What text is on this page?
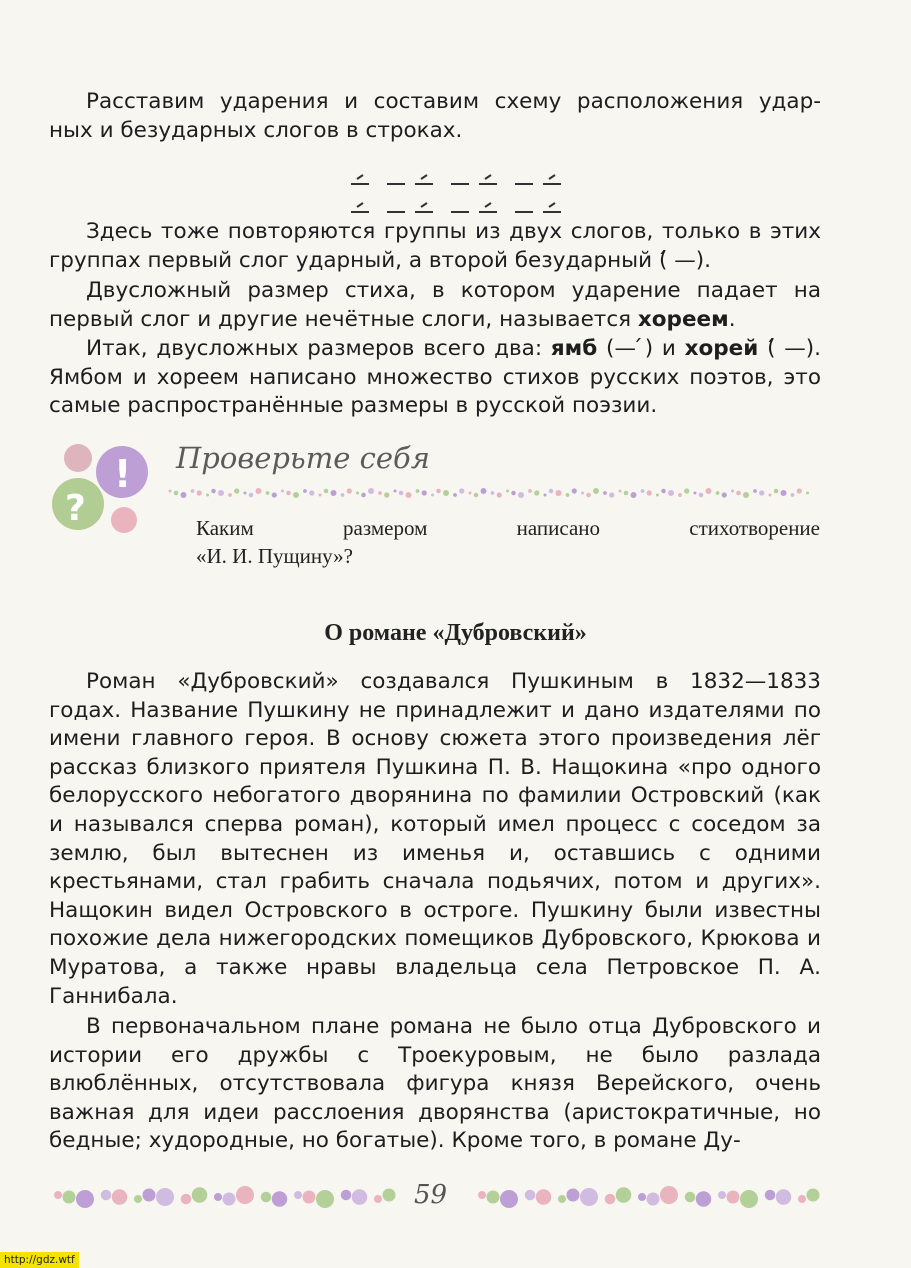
Расставим ударения и составим схему расположения удар-
ных и безударных слогов в строках.

Здесь тоже повторяются группы из двух слогов, только в этих группах первый слог ударный, а второй безударный (́ —).

Двусложный размер стиха, в котором ударение падает на первый слог и другие нечётные слоги, называется хореем.

Итак, двусложных размеров всего два: ямб (— ́) и хорей (́ —). Ямбом и хореем написано множество стихов русских поэтов, это самые распространённые размеры в русской поэзии.

!
?
Проверьте себя

Каким размером написано стихотворение

«И. И. Пущину»?
О романе «Дубровский»

Роман «Дубровский» создавался Пушкиным в 1832—1833 годах. Название Пушкину не принадлежит и дано издателями по имени главного героя. В основу сюжета этого произведения лёг рассказ близкого приятеля Пушкина П. В. Нащокина «про одного белорусского небогатого дворянина по фамилии Островский (как и назывался сперва роман), который имел процесс с соседом за землю, был вытеснен из именья и, оставшись с одними крестьянами, стал грабить сначала подьячих, потом и других». Нащокин видел Островского в остроге. Пушкину были известны похожие дела нижегородских помещиков Дубровского, Крюкова и Муратова, а также нравы владельца села Петровское П. А. Ганнибала.

В первоначальном плане романа не было отца Дубровского и истории его дружбы с Троекуровым, не было разлада влюблённых, отсутствовала фигура князя Верейского, очень важная для идеи расслоения дворянства (аристократичные, но бедные; худородные, но богатые). Кроме того, в романе Ду-

59
http://gdz.wtf
